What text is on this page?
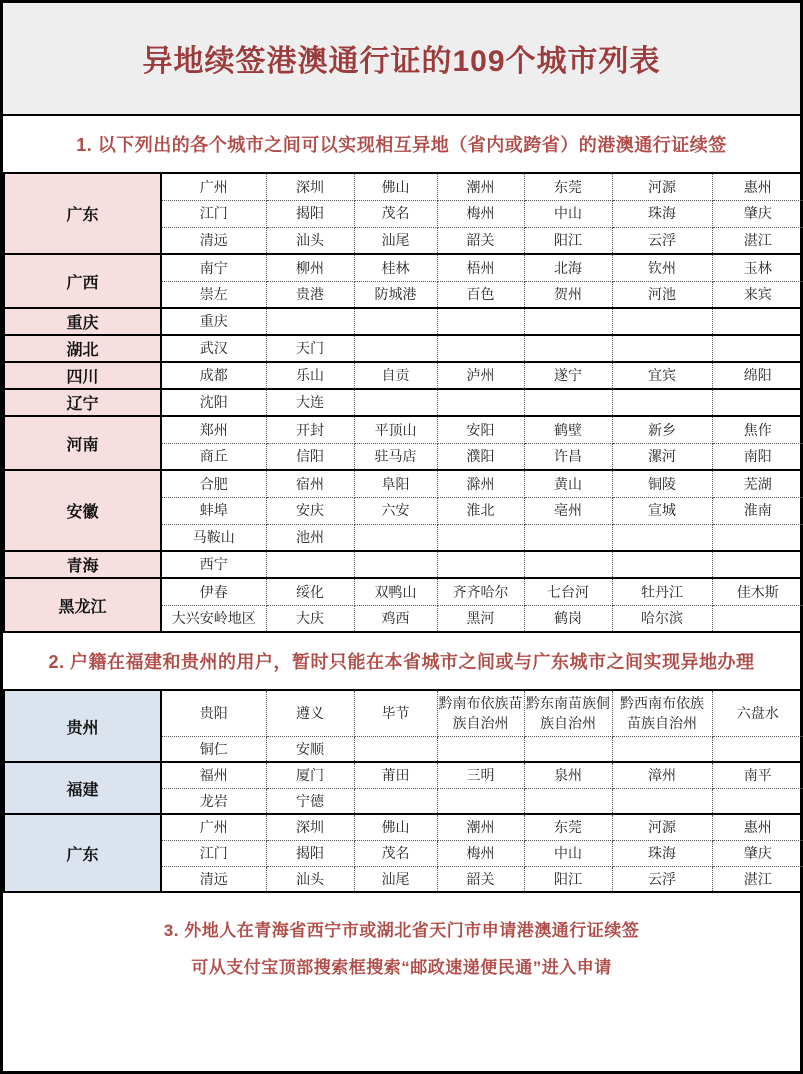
异地续签港澳通行证的109个城市列表
1. 以下列出的各个城市之间可以实现相互异地（省内或跨省）的港澳通行证续签
广东	广州	深圳	佛山	潮州	东莞	河源	惠州
	江门	揭阳	茂名	梅州	中山	珠海	肇庆
	清远	汕头	汕尾	韶关	阳江	云浮	湛江
广西	南宁	柳州	桂林	梧州	北海	钦州	玉林
	崇左	贵港	防城港	百色	贺州	河池	来宾
重庆	重庆						
湖北	武汉	天门					
四川	成都	乐山	自贡	泸州	遂宁	宜宾	绵阳
辽宁	沈阳	大连					
河南	郑州	开封	平顶山	安阳	鹤壁	新乡	焦作
	商丘	信阳	驻马店	濮阳	许昌	漯河	南阳
安徽	合肥	宿州	阜阳	滁州	黄山	铜陵	芜湖
	蚌埠	安庆	六安	淮北	亳州	宣城	淮南
	马鞍山	池州					
青海	西宁						
黑龙江	伊春	绥化	双鸭山	齐齐哈尔	七台河	牡丹江	佳木斯
	大兴安岭地区	大庆	鸡西	黑河	鹤岗	哈尔滨	
2. 户籍在福建和贵州的用户，暂时只能在本省城市之间或与广东城市之间实现异地办理
贵州	贵阳	遵义	毕节	黔南布依族苗族自治州	黔东南苗族侗族自治州	黔西南布依族苗族自治州	六盘水
	铜仁	安顺					
福建	福州	厦门	莆田	三明	泉州	漳州	南平
	龙岩	宁德					
广东	广州	深圳	佛山	潮州	东莞	河源	惠州
	江门	揭阳	茂名	梅州	中山	珠海	肇庆
	清远	汕头	汕尾	韶关	阳江	云浮	湛江
3. 外地人在青海省西宁市或湖北省天门市申请港澳通行证续签
可从支付宝顶部搜索框搜索“邮政速递便民通”进入申请
